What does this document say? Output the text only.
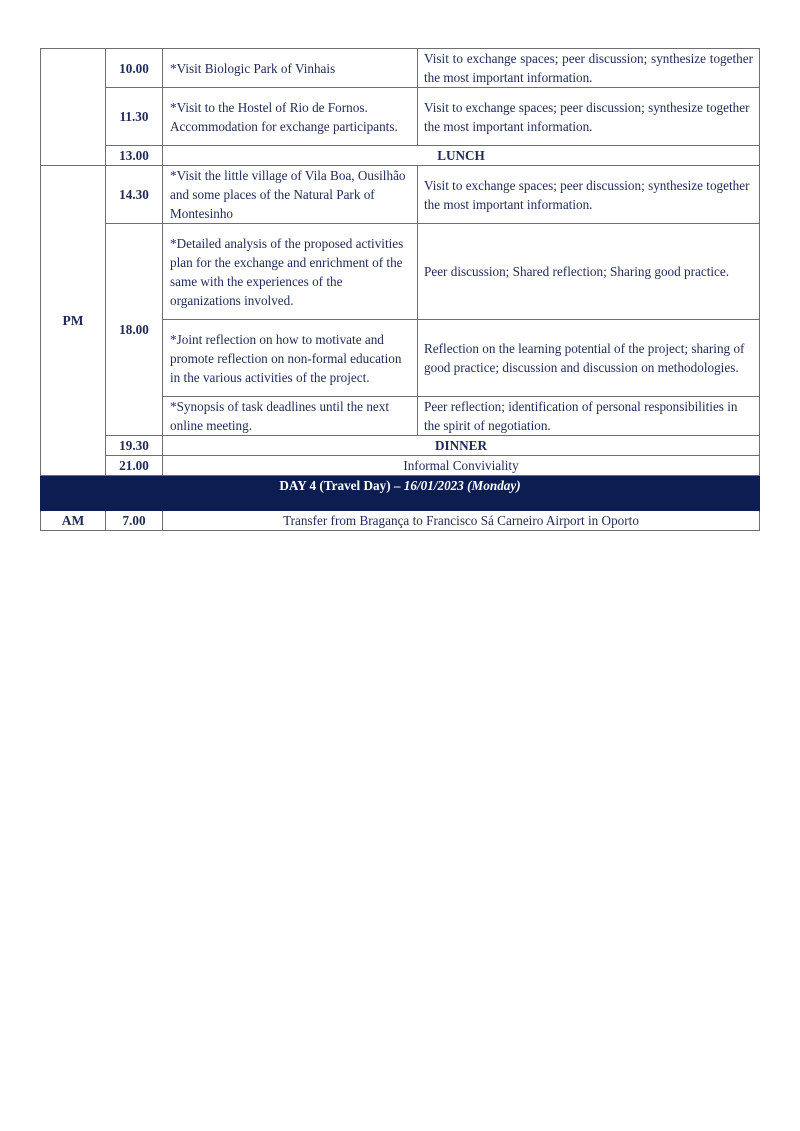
	10.00	*Visit Biologic Park of Vinhais	Visit to exchange spaces; peer discussion; synthesize together the most important information.
	11.30	*Visit to the Hostel of Rio de Fornos. Accommodation for exchange participants.	Visit to exchange spaces; peer discussion; synthesize together the most important information.
	13.00	LUNCH	
PM	14.30	*Visit the little village of Vila Boa, Ousilhão and some places of the Natural Park of Montesinho	Visit to exchange spaces; peer discussion; synthesize together the most important information.
	18.00	*Detailed analysis of the proposed activities plan for the exchange and enrichment of the same with the experiences of the organizations involved.	Peer discussion; Shared reflection; Sharing good practice.
		*Joint reflection on how to motivate and promote reflection on non-formal education in the various activities of the project.	Reflection on the learning potential of the project; sharing of good practice; discussion and discussion on methodologies.
		*Synopsis of task deadlines until the next online meeting.	Peer reflection; identification of personal responsibilities in the spirit of negotiation.
	19.30	DINNER	
	21.00	Informal Conviviality	
DAY 4 (Travel Day) – 16/01/2023 (Monday)			
AM	7.00	Transfer from Bragança to Francisco Sá Carneiro Airport in Oporto	
